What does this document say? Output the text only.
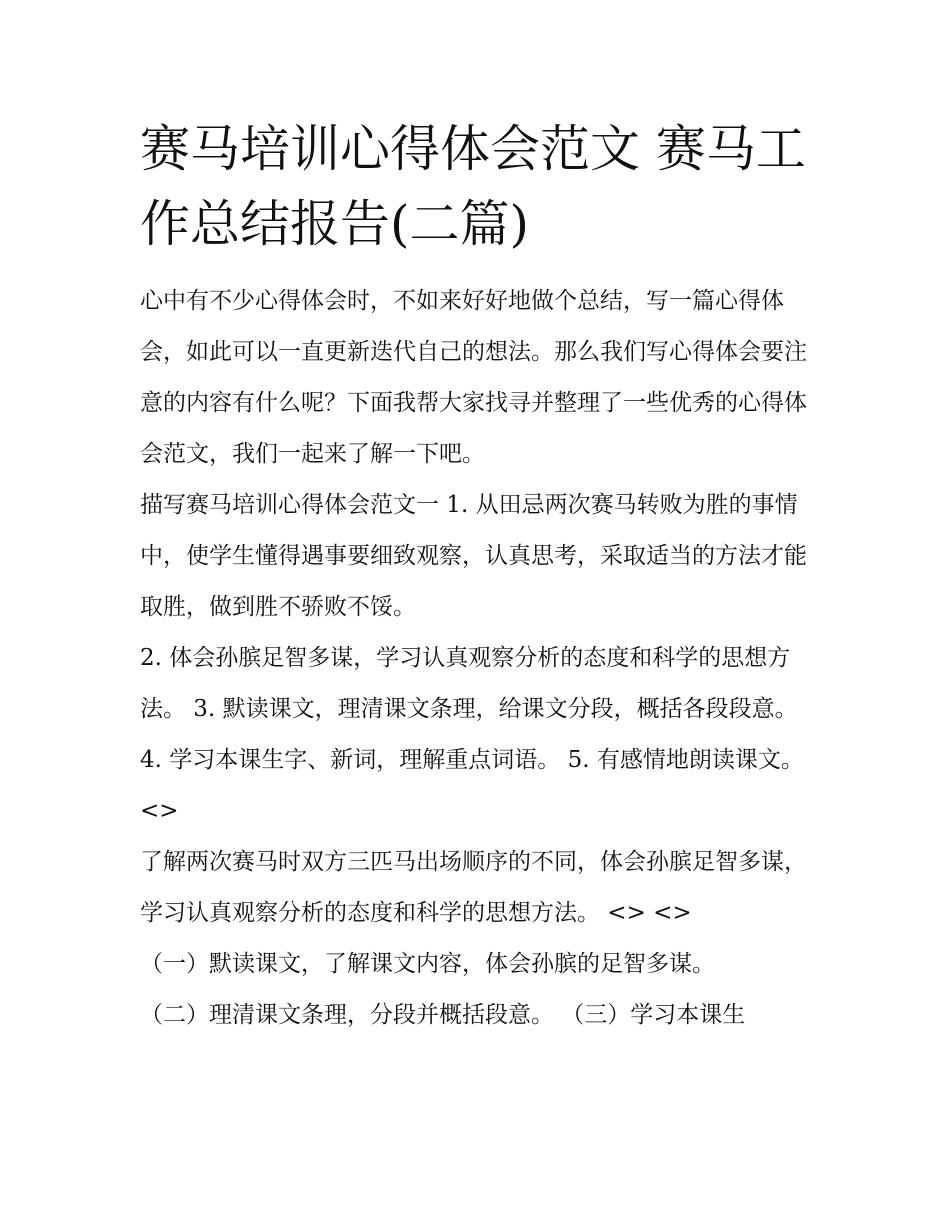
赛马培训心得体会范文 赛马工作总结报告(二篇)

心中有不少心得体会时，不如来好好地做个总结，写一篇心得体会，如此可以一直更新迭代自己的想法。那么我们写心得体会要注意的内容有什么呢？下面我帮大家找寻并整理了一些优秀的心得体会范文，我们一起来了解一下吧。

描写赛马培训心得体会范文一 1. 从田忌两次赛马转败为胜的事情中，使学生懂得遇事要细致观察，认真思考，采取适当的方法才能取胜，做到胜不骄败不馁。

2. 体会孙膑足智多谋，学习认真观察分析的态度和科学的思想方法。 3. 默读课文，理清课文条理，给课文分段，概括各段段意。

4. 学习本课生字、新词，理解重点词语。 5. 有感情地朗读课文。 <>

了解两次赛马时双方三匹马出场顺序的不同，体会孙膑足智多谋，学习认真观察分析的态度和科学的思想方法。 <> <>

（一）默读课文，了解课文内容，体会孙膑的足智多谋。

（二）理清课文条理，分段并概括段意。 （三）学习本课生
